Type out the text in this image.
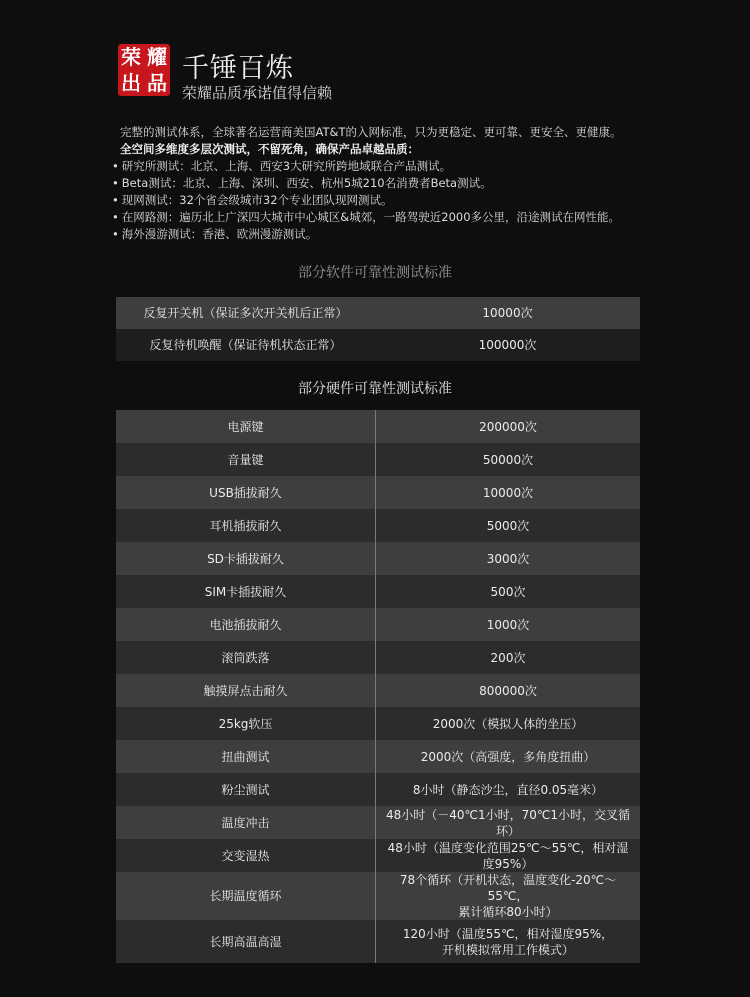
荣 耀
出 品 千锤百炼
荣耀品质承诺值得信赖
完整的测试体系，全球著名运营商美国AT&T的入网标准，只为更稳定、更可靠、更安全、更健康。
全空间多维度多层次测试，不留死角，确保产品卓越品质：
• 研究所测试：北京、上海、西安3大研究所跨地域联合产品测试。
• Beta测试：北京、上海、深圳、西安、杭州5城210名消费者Beta测试。
• 现网测试：32个省会级城市32个专业团队现网测试。
• 在网路测：遍历北上广深四大城市中心城区&城郊，一路驾驶近2000多公里，沿途测试在网性能。
• 海外漫游测试：香港、欧洲漫游测试。
部分软件可靠性测试标准
反复开关机（保证多次开关机后正常）	10000次
反复待机唤醒（保证待机状态正常）	100000次
部分硬件可靠性测试标准
电源键	200000次

音量键	50000次

USB插拔耐久	10000次

耳机插拔耐久	5000次

SD卡插拔耐久	3000次

SIM卡插拔耐久	500次

电池插拔耐久	1000次

滚筒跌落	200次

触摸屏点击耐久	800000次

25kg软压	2000次（模拟人体的坐压）

扭曲测试	2000次（高强度，多角度扭曲）

粉尘测试	8小时（静态沙尘，直径0.05毫米）

温度冲击	48小时（－40℃1小时，70℃1小时，交叉循环）

交变湿热	48小时（温度变化范围25℃～55℃，相对湿度95%）

长期温度循环	78个循环（开机状态，温度变化-20℃～55℃，
累计循环80小时）

长期高温高湿	120小时（温度55℃，相对湿度95%，
开机模拟常用工作模式）
